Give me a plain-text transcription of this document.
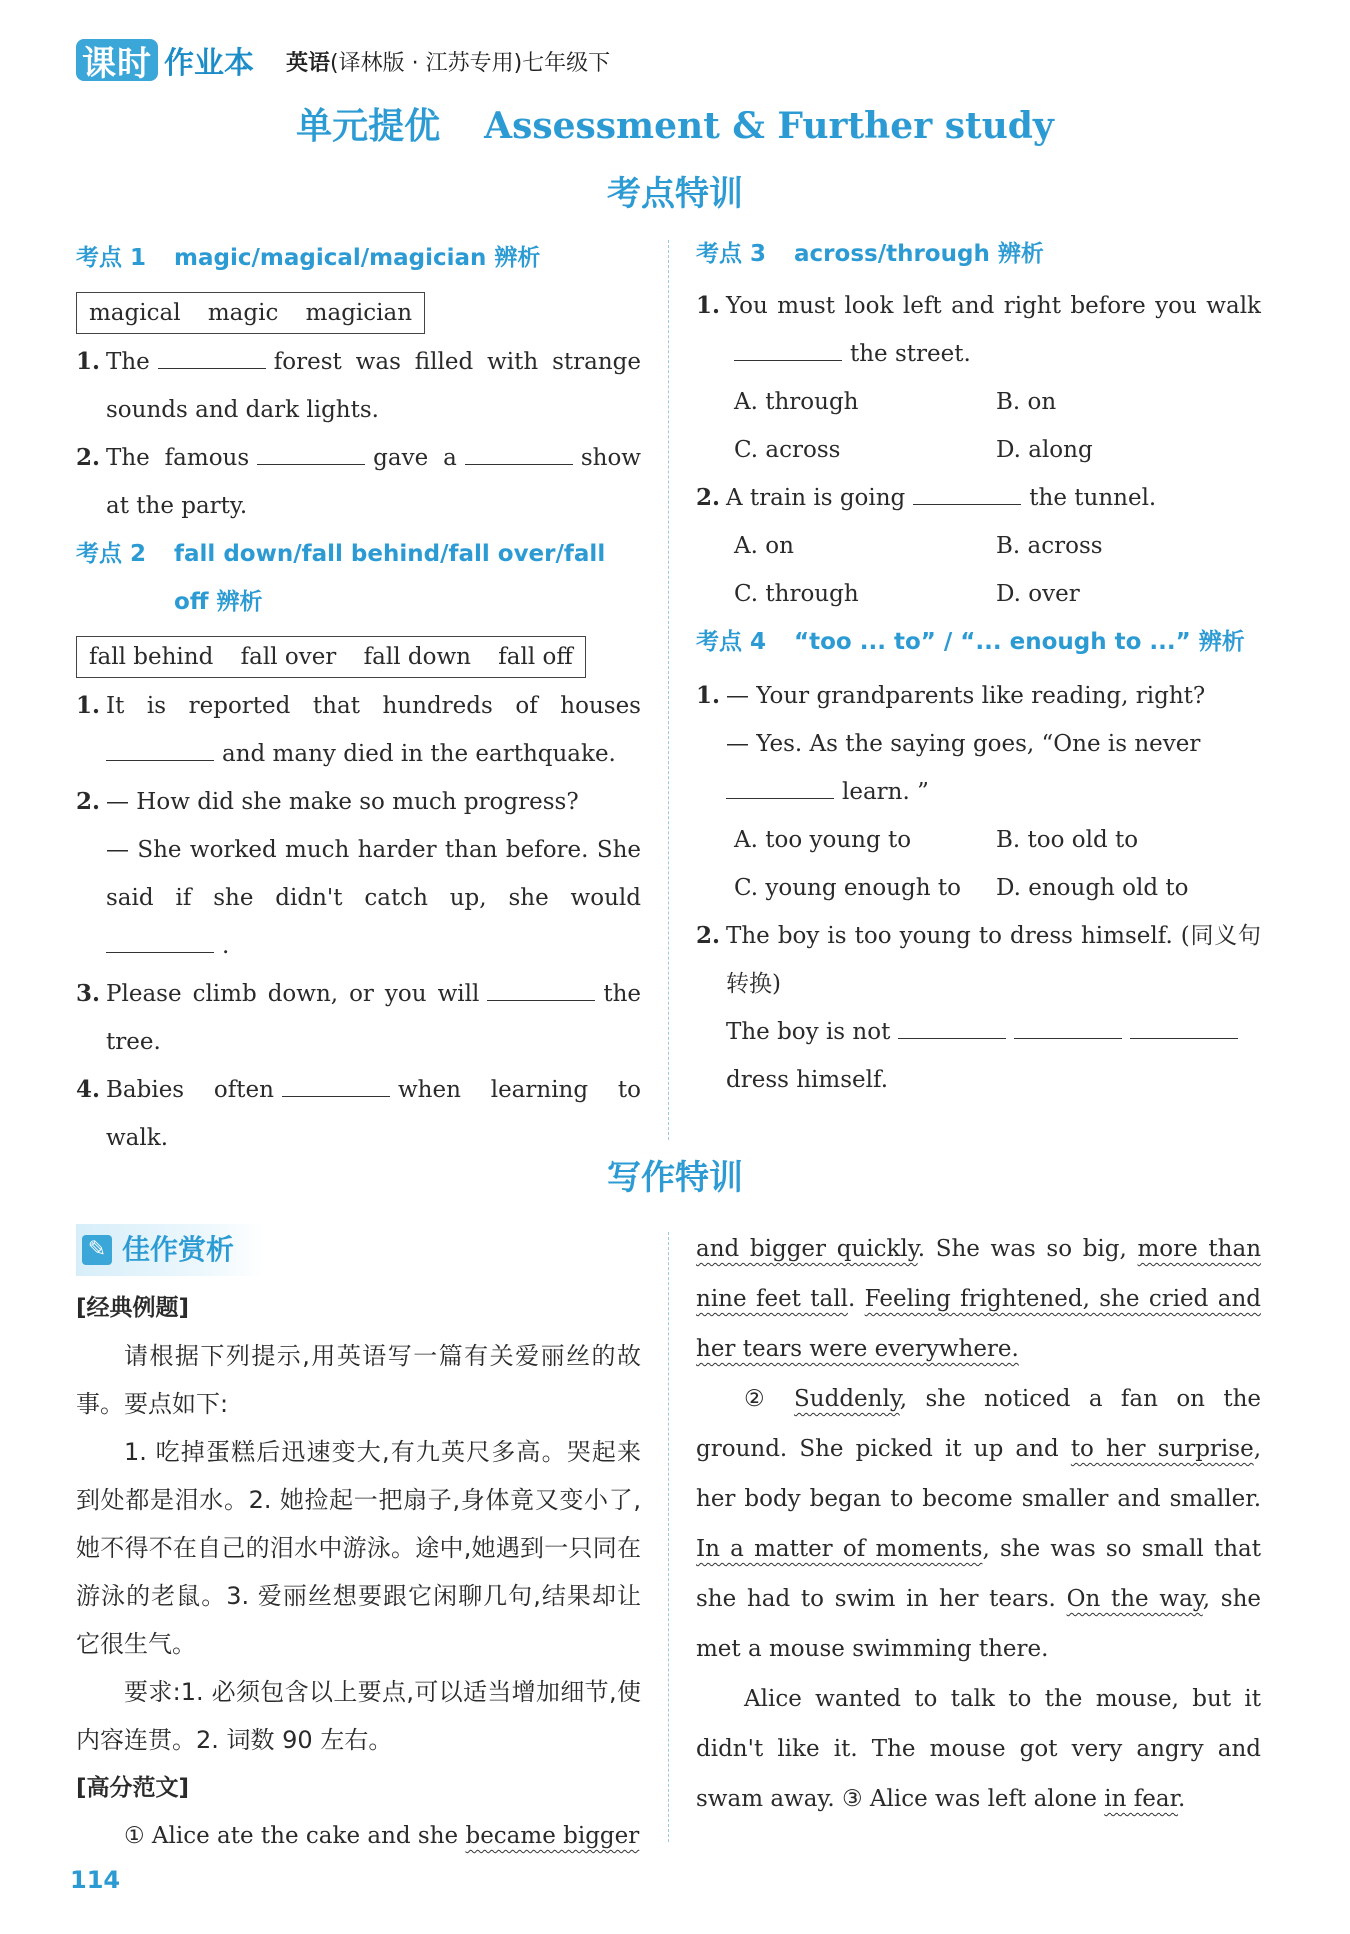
课时 作业本 英语(译林版 · 江苏专用)七年级下
单元提优 Assessment & Further study
考点特训
考点 1 magic/magical/magician 辨析
magical magic magician
1. The	forest was filled with strange sounds and dark lights.
2. The famous	gave a	show at the party.
考点 2 fall down/fall behind/fall over/fall off 辨析
fall behind fall over fall down fall off
1. It is reported that hundreds of houses and many died in the earthquake.
2. — How did she make so much progress?
— She worked much harder than before. She said if she didn't catch up, she would .
3. Please climb down, or you will	the tree.
4. Babies often	when learning to walk.
考点 3 across/through 辨析
1. You must look left and right before you walkthe street.
A. through	B. on
C. across	D. along
2. A train is going	the tunnel.
A. on	B. across
C. through	D. over
考点 4 “too ... to” / “... enough to ...” 辨析
1. — Your grandparents like reading, right?
— Yes. As the saying goes, “One is never
learn. ”
A. too young to	B. too old to
C. young enough to	D. enough old to
2. The boy is too young to dress himself. (同义句转换)
The boy is not
dress himself.
写作特训
✎ 佳作赏析
[经典例题]
请根据下列提示,用英语写一篇有关爱丽丝的故事。要点如下:
1. 吃掉蛋糕后迅速变大,有九英尺多高。哭起来到处都是泪水。2. 她捡起一把扇子,身体竟又变小了,她不得不在自己的泪水中游泳。途中,她遇到一只同在游泳的老鼠。3. 爱丽丝想要跟它闲聊几句,结果却让它很生气。
要求:1. 必须包含以上要点,可以适当增加细节,使内容连贯。2. 词数 90 左右。
[高分范文]
① Alice ate the cake and she became bigger
and bigger quickly. She was so big, more than nine feet tall. Feeling frightened, she cried and her tears were everywhere.
② Suddenly, she noticed a fan on the ground. She picked it up and to her surprise, her body began to become smaller and smaller. In a matter of moments, she was so small that she had to swim in her tears. On the way, she met a mouse swimming there.
Alice wanted to talk to the mouse, but it didn't like it. The mouse got very angry and swam away. ③ Alice was left alone in fear.
114
